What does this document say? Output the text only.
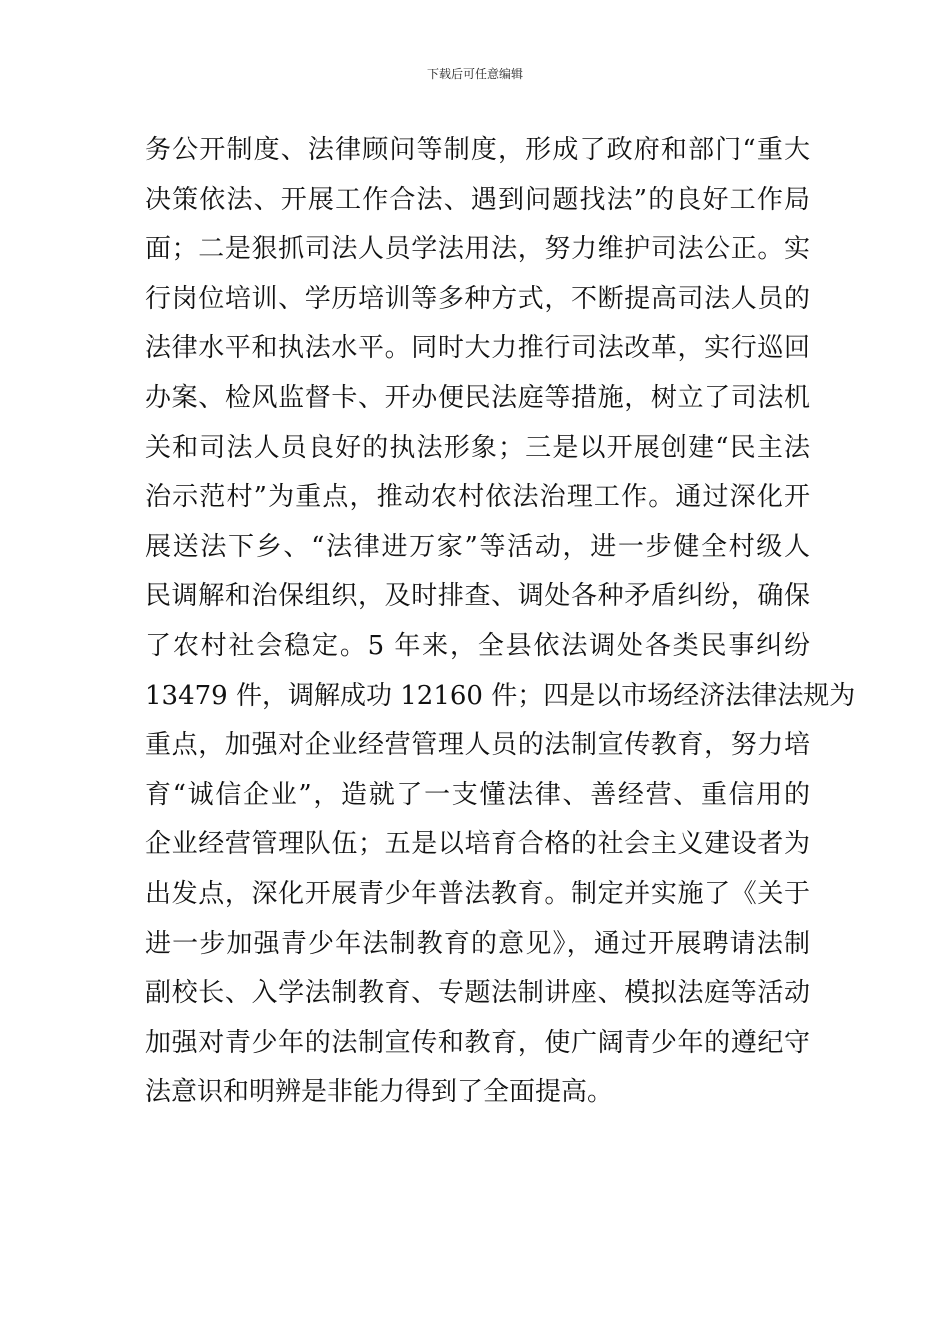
下载后可任意编辑
务公开制度、法律顾问等制度，形成了政府和部门“重大
决策依法、开展工作合法、遇到问题找法”的良好工作局
面；二是狠抓司法人员学法用法，努力维护司法公正。实
行岗位培训、学历培训等多种方式，不断提高司法人员的
法律水平和执法水平。同时大力推行司法改革，实行巡回
办案、检风监督卡、开办便民法庭等措施，树立了司法机
关和司法人员良好的执法形象；三是以开展创建“民主法
治示范村”为重点，推动农村依法治理工作。通过深化开
展送法下乡、“法律进万家”等活动，进一步健全村级人
民调解和治保组织，及时排查、调处各种矛盾纠纷，确保
了农村社会稳定。5 年来，全县依法调处各类民事纠纷
13479 件，调解成功 12160 件；四是以市场经济法律法规为
重点，加强对企业经营管理人员的法制宣传教育，努力培
育“诚信企业”，造就了一支懂法律、善经营、重信用的
企业经营管理队伍；五是以培育合格的社会主义建设者为
出发点，深化开展青少年普法教育。制定并实施了《关于
进一步加强青少年法制教育的意见》，通过开展聘请法制
副校长、入学法制教育、专题法制讲座、模拟法庭等活动
加强对青少年的法制宣传和教育，使广阔青少年的遵纪守
法意识和明辨是非能力得到了全面提高。
